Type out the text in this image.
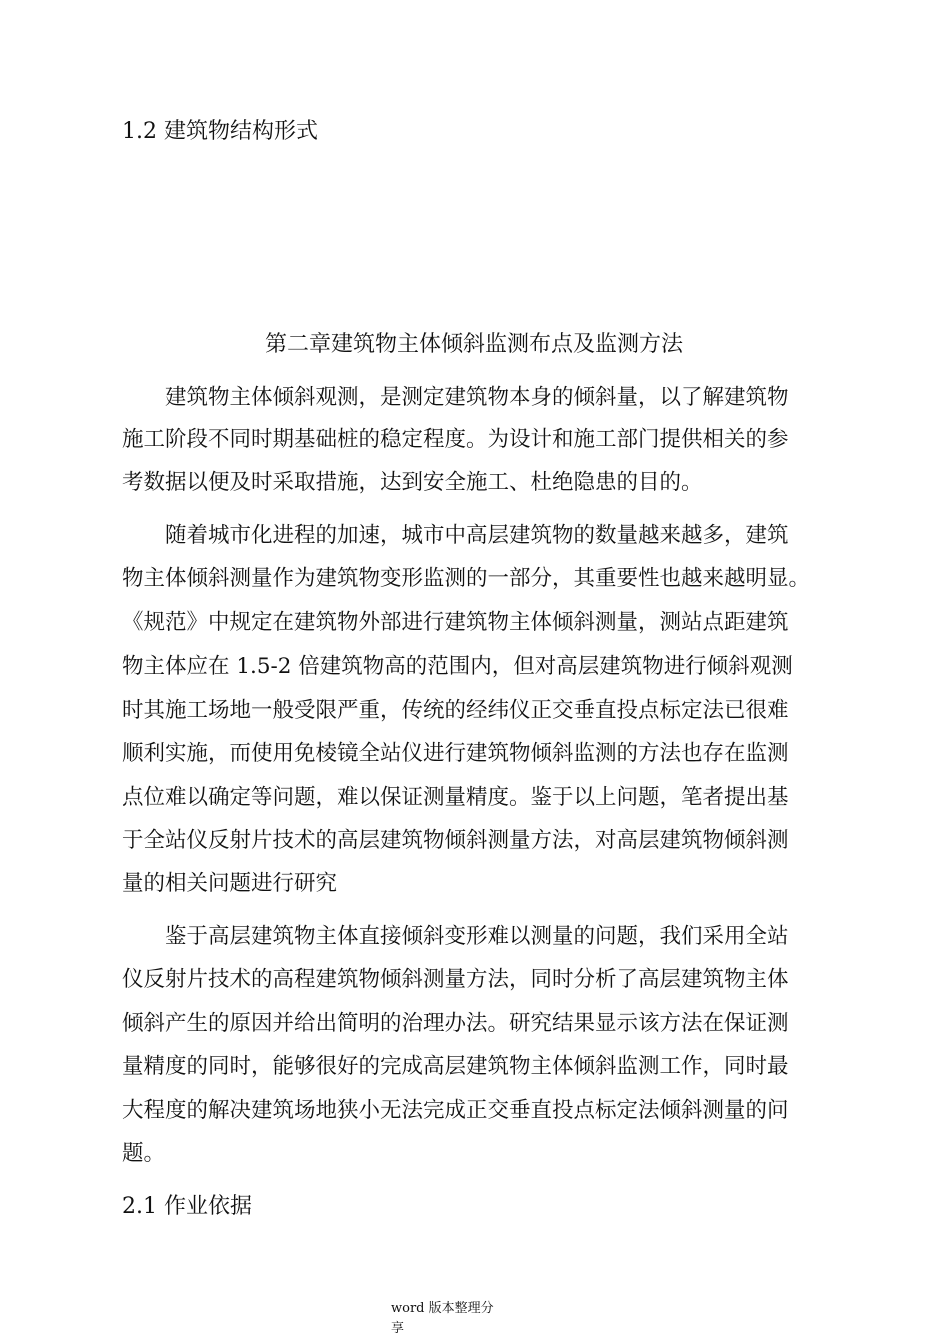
1.2 建筑物结构形式
第二章建筑物主体倾斜监测布点及监测方法
建筑物主体倾斜观测，是测定建筑物本身的倾斜量，以了解建筑物
施工阶段不同时期基础桩的稳定程度。为设计和施工部门提供相关的参
考数据以便及时采取措施，达到安全施工、杜绝隐患的目的。
随着城市化进程的加速，城市中高层建筑物的数量越来越多，建筑
物主体倾斜测量作为建筑物变形监测的一部分，其重要性也越来越明显。
《规范》中规定在建筑物外部进行建筑物主体倾斜测量，测站点距建筑
物主体应在 1.5-2 倍建筑物高的范围内，但对高层建筑物进行倾斜观测
时其施工场地一般受限严重，传统的经纬仪正交垂直投点标定法已很难
顺利实施，而使用免棱镜全站仪进行建筑物倾斜监测的方法也存在监测
点位难以确定等问题，难以保证测量精度。鉴于以上问题，笔者提出基
于全站仪反射片技术的高层建筑物倾斜测量方法，对高层建筑物倾斜测
量的相关问题进行研究
鉴于高层建筑物主体直接倾斜变形难以测量的问题，我们采用全站
仪反射片技术的高程建筑物倾斜测量方法，同时分析了高层建筑物主体
倾斜产生的原因并给出简明的治理办法。研究结果显示该方法在保证测
量精度的同时，能够很好的完成高层建筑物主体倾斜监测工作，同时最
大程度的解决建筑场地狭小无法完成正交垂直投点标定法倾斜测量的问
题。
2.1 作业依据
word 版本整理分
享
